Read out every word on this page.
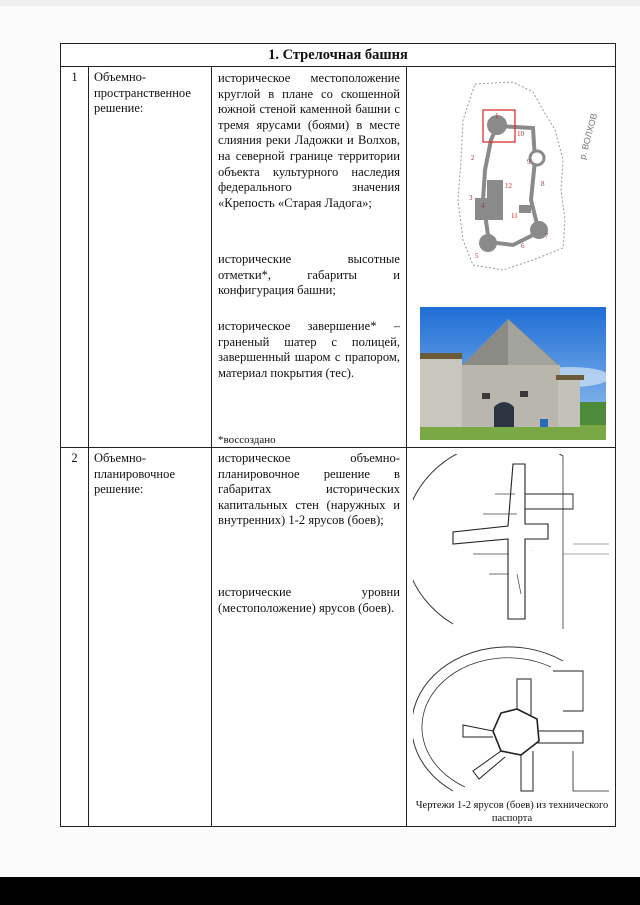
1. Стрелочная башня
1	Объемно-пространственное решение:
историческое местоположение круглой в плане со скошенной южной стеной каменной башни с тремя ярусами (боями) в месте слияния реки Ладожки и Волхов, на северной границе территории объекта культурного наследия федерального значения «Крепость «Старая Ладога»;
исторические высотные отметки*, габариты и конфигурация башни;
историческое завершение* – граненый шатер с полицей, завершенный шаром с прапором, материал покрытия (тес).
*воссоздано
1
2
3
4
5
6
7
8
9
10
11
12
р. ВОЛХОВ
2	Объемно-планировочное решение:
историческое объемно-планировочное решение в габаритах исторических капитальных стен (наружных и внутренних) 1-2 ярусов (боев);
исторические уровни (местоположение) ярусов (боев).
·
Чертежи 1-2 ярусов (боев) из технического паспорта
